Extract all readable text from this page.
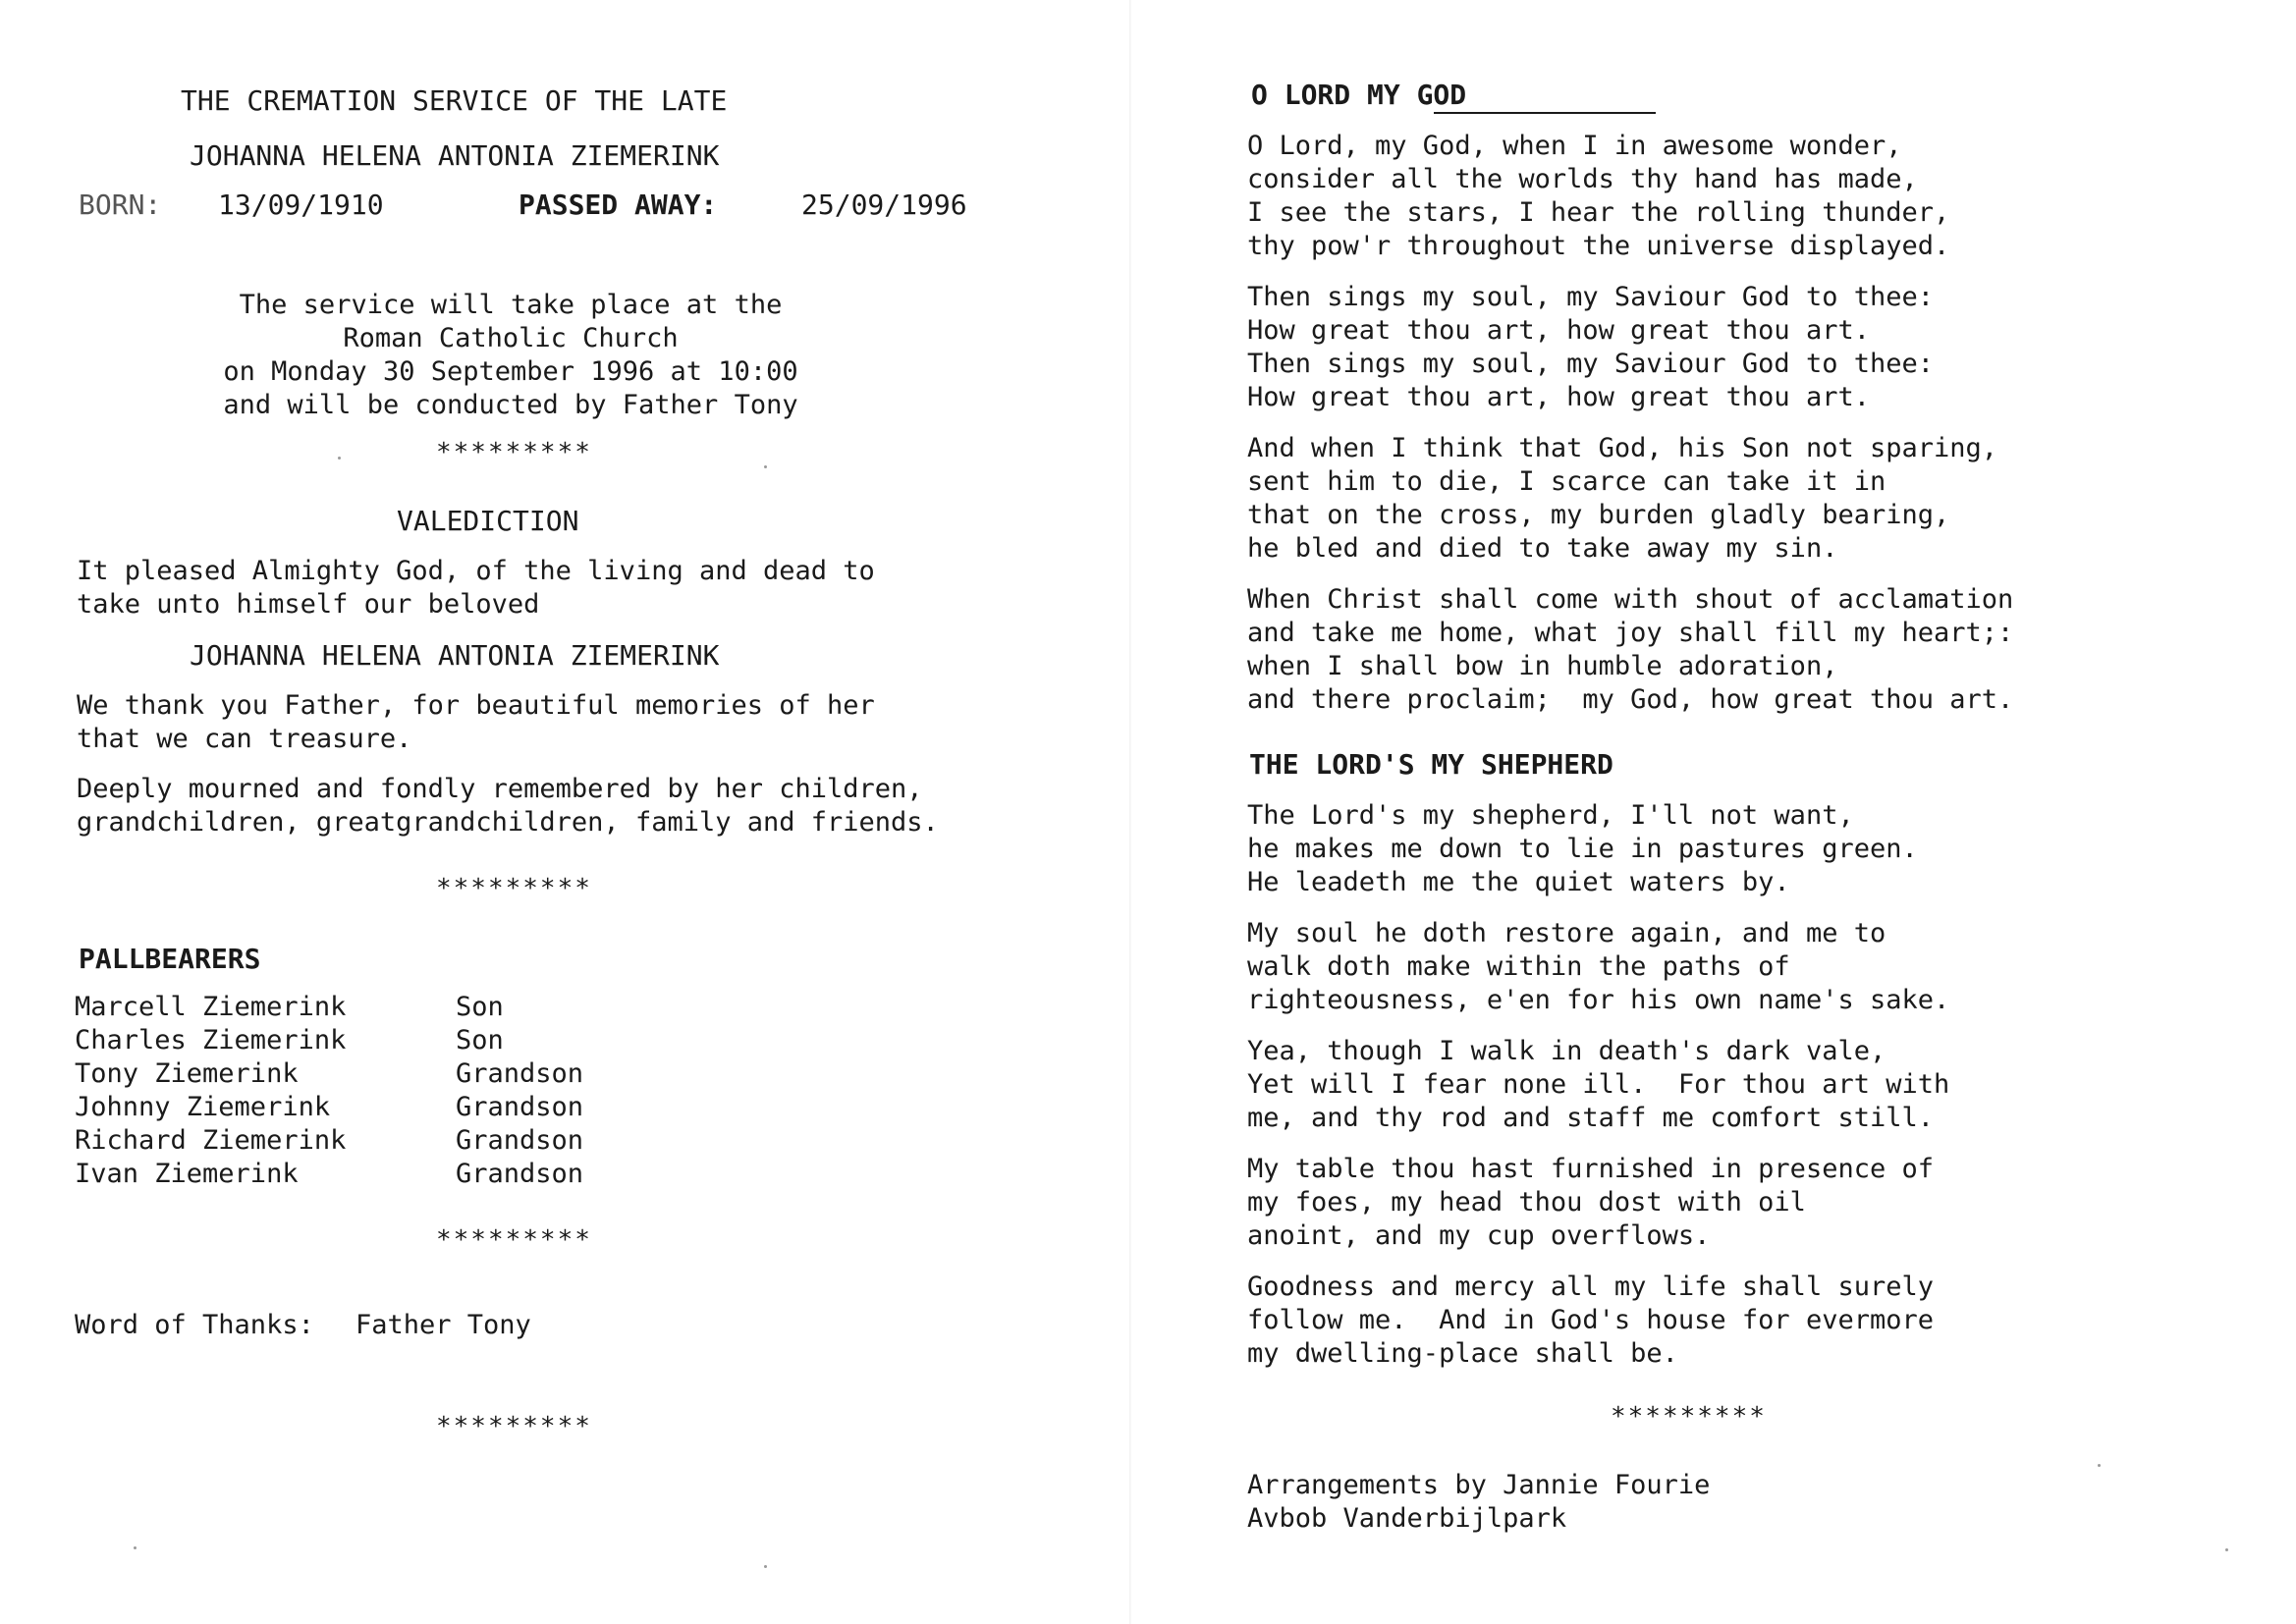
THE CREMATION SERVICE OF THE LATE
JOHANNA HELENA ANTONIA ZIEMERINK
BORN: 13/09/1910	PASSED AWAY:	25/09/1996
The service will take place at the
Roman Catholic Church
on Monday 30 September 1996 at 10:00
and will be conducted by Father Tony
*********
VALEDICTION
It pleased Almighty God, of the living and dead to
take unto himself our beloved
JOHANNA HELENA ANTONIA ZIEMERINK
We thank you Father, for beautiful memories of her
that we can treasure.
Deeply mourned and fondly remembered by her children,
grandchildren, greatgrandchildren, family and friends.
*********
PALLBEARERS
Marcell Ziemerink	Son
Charles Ziemerink	Son
Tony Ziemerink	Grandson
Johnny Ziemerink	Grandson
Richard Ziemerink	Grandson
Ivan Ziemerink	Grandson
*********
Word of Thanks: Father Tony
*********
O LORD MY GOD
O Lord, my God, when I in awesome wonder,
consider all the worlds thy hand has made,
I see the stars, I hear the rolling thunder,
thy pow'r throughout the universe displayed.
Then sings my soul, my Saviour God to thee:
How great thou art, how great thou art.
Then sings my soul, my Saviour God to thee:
How great thou art, how great thou art.
And when I think that God, his Son not sparing,
sent him to die, I scarce can take it in
that on the cross, my burden gladly bearing,
he bled and died to take away my sin.
When Christ shall come with shout of acclamation
and take me home, what joy shall fill my heart;:
when I shall bow in humble adoration,
and there proclaim;  my God, how great thou art.
THE LORD'S MY SHEPHERD
The Lord's my shepherd, I'll not want,
he makes me down to lie in pastures green.
He leadeth me the quiet waters by.
My soul he doth restore again, and me to
walk doth make within the paths of
righteousness, e'en for his own name's sake.
Yea, though I walk in death's dark vale,
Yet will I fear none ill.  For thou art with
me, and thy rod and staff me comfort still.
My table thou hast furnished in presence of
my foes, my head thou dost with oil
anoint, and my cup overflows.
Goodness and mercy all my life shall surely
follow me.  And in God's house for evermore
my dwelling-place shall be.
*********
Arrangements by Jannie Fourie
Avbob Vanderbijlpark
